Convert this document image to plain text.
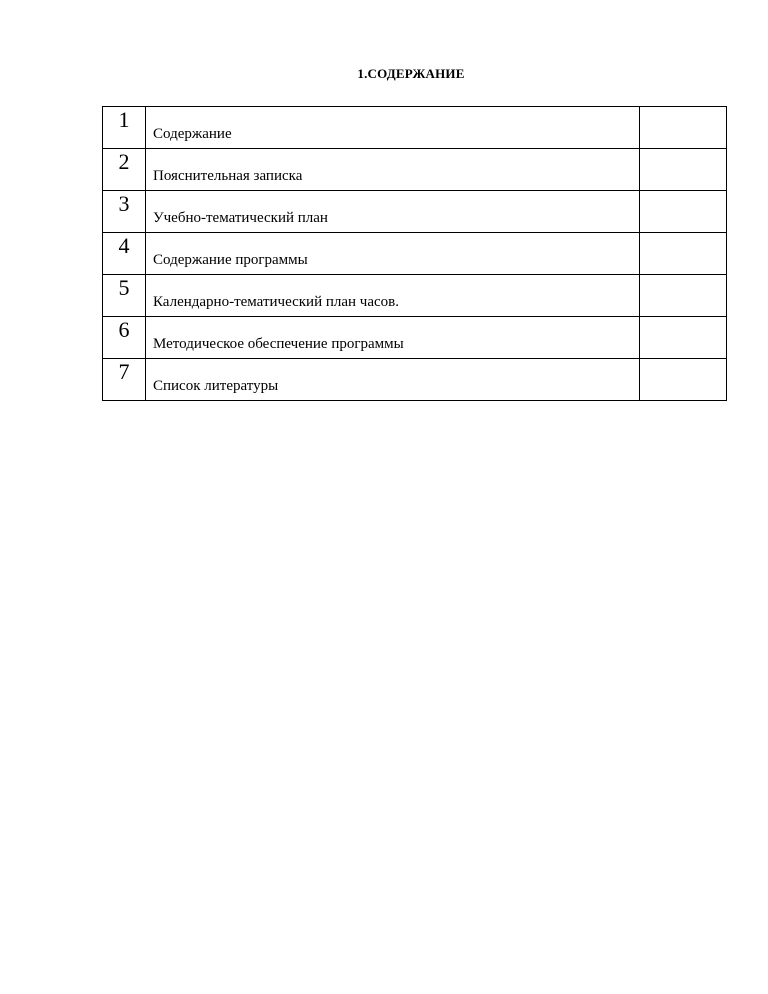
1.СОДЕРЖАНИЕ
1	Содержание	
2	Пояснительная записка	
3	Учебно-тематический план	
4	Содержание программы	
5	Календарно-тематический план часов.	
6	Методическое обеспечение программы	
7	Список литературы	
